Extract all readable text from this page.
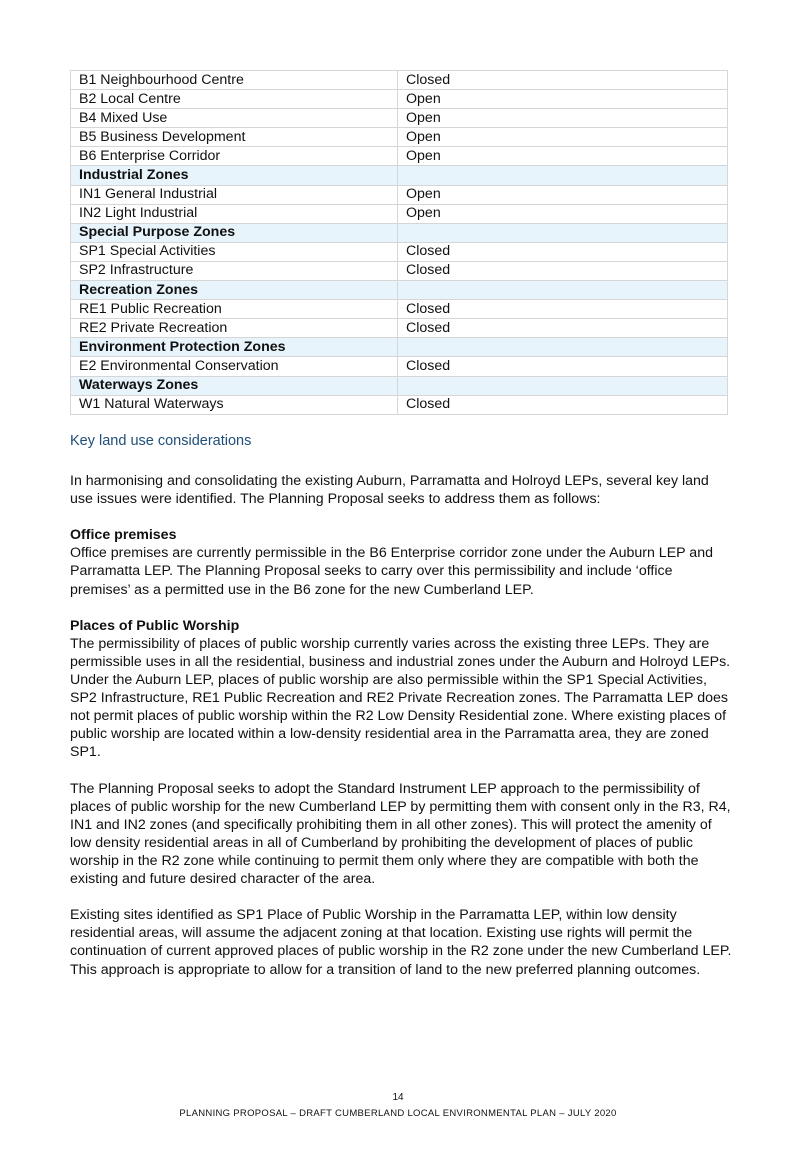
B1 Neighbourhood Centre	Closed
B2 Local Centre	Open
B4 Mixed Use	Open
B5 Business Development	Open
B6 Enterprise Corridor	Open
Industrial Zones	
IN1 General Industrial	Open
IN2 Light Industrial	Open
Special Purpose Zones	
SP1 Special Activities	Closed
SP2 Infrastructure	Closed
Recreation Zones	
RE1 Public Recreation	Closed
RE2 Private Recreation	Closed
Environment Protection Zones	
E2 Environmental Conservation	Closed
Waterways Zones	
W1 Natural Waterways	Closed
Key land use considerations

In harmonising and consolidating the existing Auburn, Parramatta and Holroyd LEPs, several key land use issues were identified. The Planning Proposal seeks to address them as follows:

Office premises

Office premises are currently permissible in the B6 Enterprise corridor zone under the Auburn LEP and Parramatta LEP. The Planning Proposal seeks to carry over this permissibility and include ‘office premises’ as a permitted use in the B6 zone for the new Cumberland LEP.

Places of Public Worship

The permissibility of places of public worship currently varies across the existing three LEPs. They are permissible uses in all the residential, business and industrial zones under the Auburn and Holroyd LEPs. Under the Auburn LEP, places of public worship are also permissible within the SP1 Special Activities, SP2 Infrastructure, RE1 Public Recreation and RE2 Private Recreation zones. The Parramatta LEP does not permit places of public worship within the R2 Low Density Residential zone. Where existing places of public worship are located within a low-density residential area in the Parramatta area, they are zoned SP1.

The Planning Proposal seeks to adopt the Standard Instrument LEP approach to the permissibility of places of public worship for the new Cumberland LEP by permitting them with consent only in the R3, R4, IN1 and IN2 zones (and specifically prohibiting them in all other zones). This will protect the amenity of low density residential areas in all of Cumberland by prohibiting the development of places of public worship in the R2 zone while continuing to permit them only where they are compatible with both the existing and future desired character of the area.

Existing sites identified as SP1 Place of Public Worship in the Parramatta LEP, within low density residential areas, will assume the adjacent zoning at that location. Existing use rights will permit the continuation of current approved places of public worship in the R2 zone under the new Cumberland LEP. This approach is appropriate to allow for a transition of land to the new preferred planning outcomes.

14
PLANNING PROPOSAL – DRAFT CUMBERLAND LOCAL ENVIRONMENTAL PLAN – JULY 2020
